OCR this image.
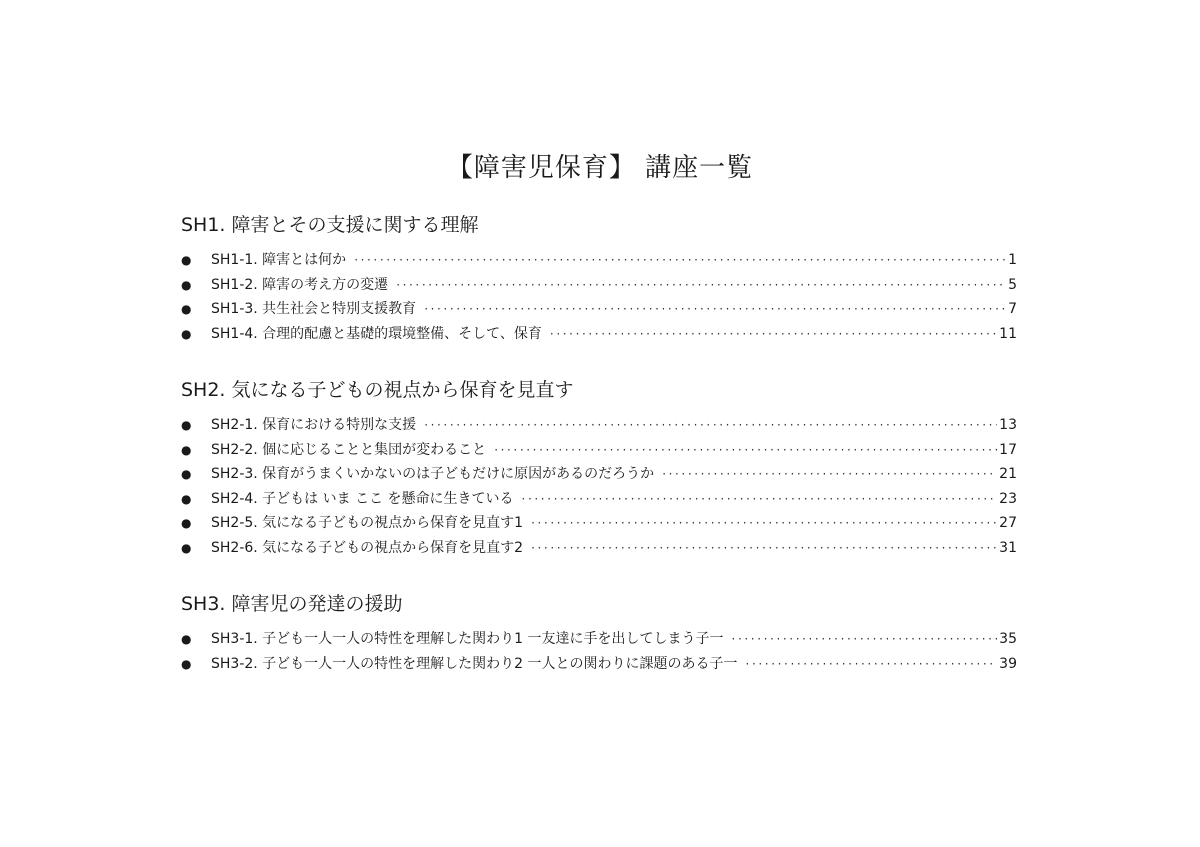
【障害児保育】 講座一覧
SH1. 障害とその支援に関する理解
●	SH1-1. 障害とは何か ·····	1
●	SH1-2. 障害の考え方の変遷 ·····	5
●	SH1-3. 共生社会と特別支援教育 ·····	7
●	SH1-4. 合理的配慮と基礎的環境整備、そして、保育 ·····	11
SH2. 気になる子どもの視点から保育を見直す
●	SH2-1. 保育における特別な支援 ·····	13
●	SH2-2. 個に応じることと集団が変わること ·····	17
●	SH2-3. 保育がうまくいかないのは子どもだけに原因があるのだろうか ·····	21
●	SH2-4. 子どもは いま ここ を懸命に生きている ·····	23
●	SH2-5. 気になる子どもの視点から保育を見直す1 ·····	27
●	SH2-6. 気になる子どもの視点から保育を見直す2 ·····	31
SH3. 障害児の発達の援助
●	SH3-1. 子ども一人一人の特性を理解した関わり1 一友達に手を出してしまう子一 ·····	35
●	SH3-2. 子ども一人一人の特性を理解した関わり2 一人との関わりに課題のある子一 ·····	39
